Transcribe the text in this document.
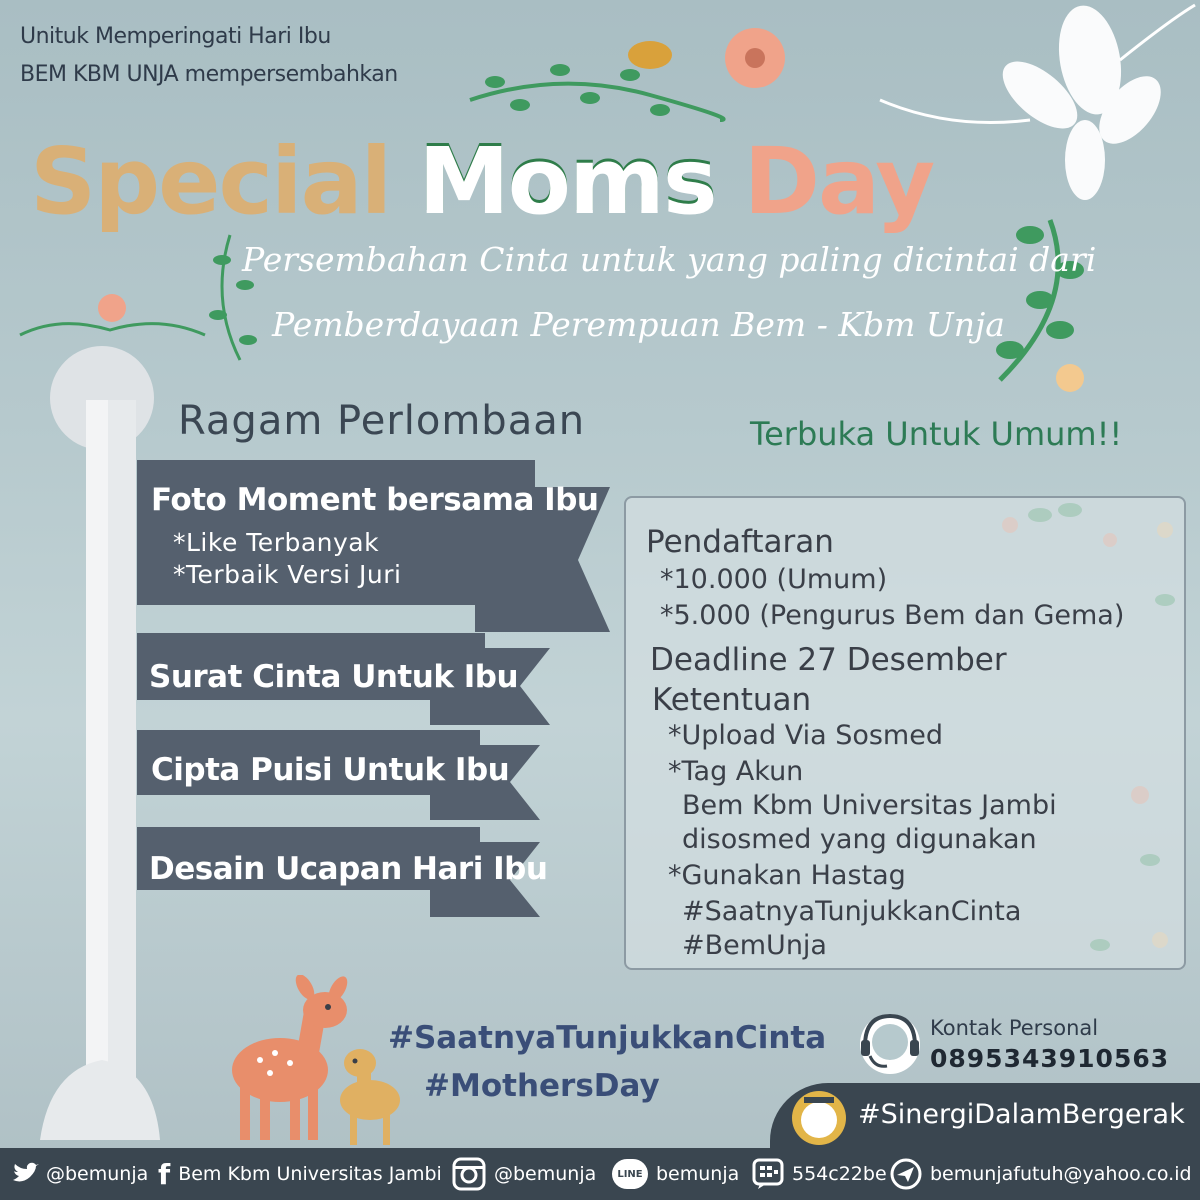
Unituk Memperingati Hari Ibu
BEM KBM UNJA mempersembahkan
Special Moms Day
Persembahan Cinta untuk yang paling dicintai dari
Pemberdayaan Perempuan Bem - Kbm Unja
Ragam Perlombaan	Terbuka Untuk Umum!!
Foto Moment bersama Ibu
*Like Terbanyak
*Terbaik Versi Juri
Surat Cinta Untuk Ibu
Cipta Puisi Untuk Ibu
Desain Ucapan Hari Ibu

Pendaftaran

*10.000 (Umum)

*5.000 (Pengurus Bem dan Gema)

Deadline 27 Desember

Ketentuan

*Upload Via Sosmed

*Tag Akun

Bem Kbm Universitas Jambi

disosmed yang digunakan

*Gunakan Hastag

#SaatnyaTunjukkanCinta

#BemUnja

#SaatnyaTunjukkanCinta
#MothersDay
Kontak Personal
0895343910563
#SinergiDalamBergerak
@bemunja f Bem Kbm Universitas Jambi	@bemunja	LINE bemunja	554c22be bemunjafutuh@yahoo.co.id
